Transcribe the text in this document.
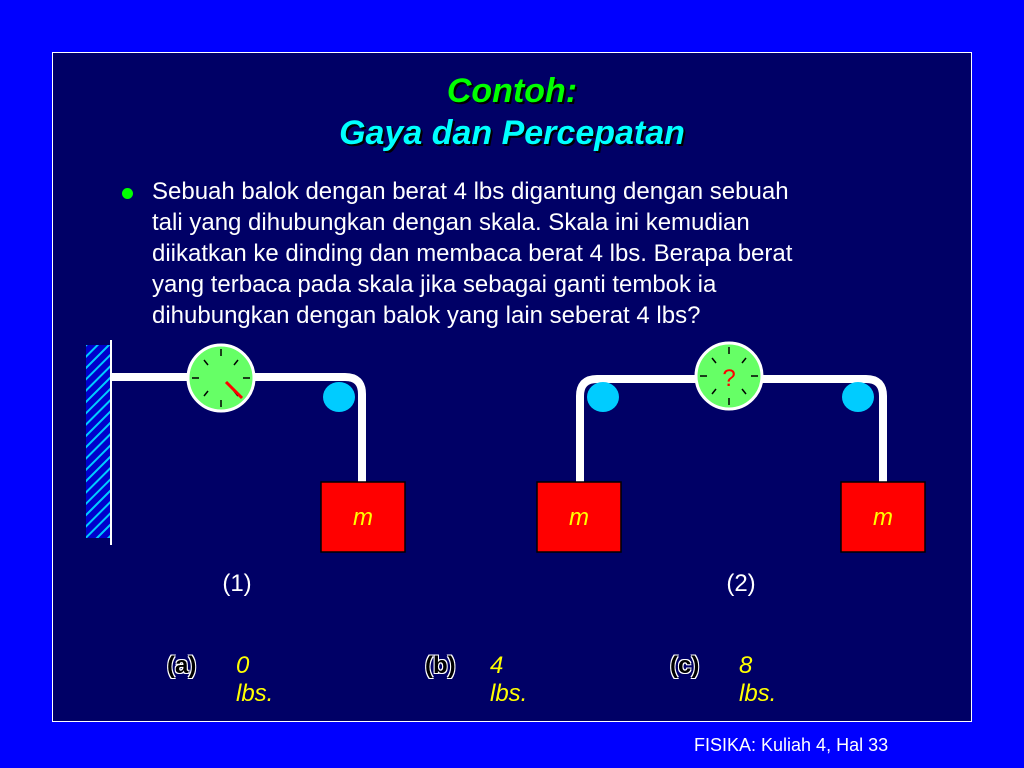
Contoh:
Gaya dan Percepatan
Sebuah balok dengan berat 4 lbs digantung dengan sebuah
tali yang dihubungkan dengan skala. Skala ini kemudian
diikatkan ke dinding dan membaca berat 4 lbs. Berapa berat
yang terbaca pada skala jika sebagai ganti tembok ia
dihubungkan dengan balok yang lain seberat 4 lbs?
?
m	m	m
(1)	(2)
(a) 0 lbs.
(b) 4 lbs.
(c) 8 lbs.
FISIKA: Kuliah 4, Hal 33
